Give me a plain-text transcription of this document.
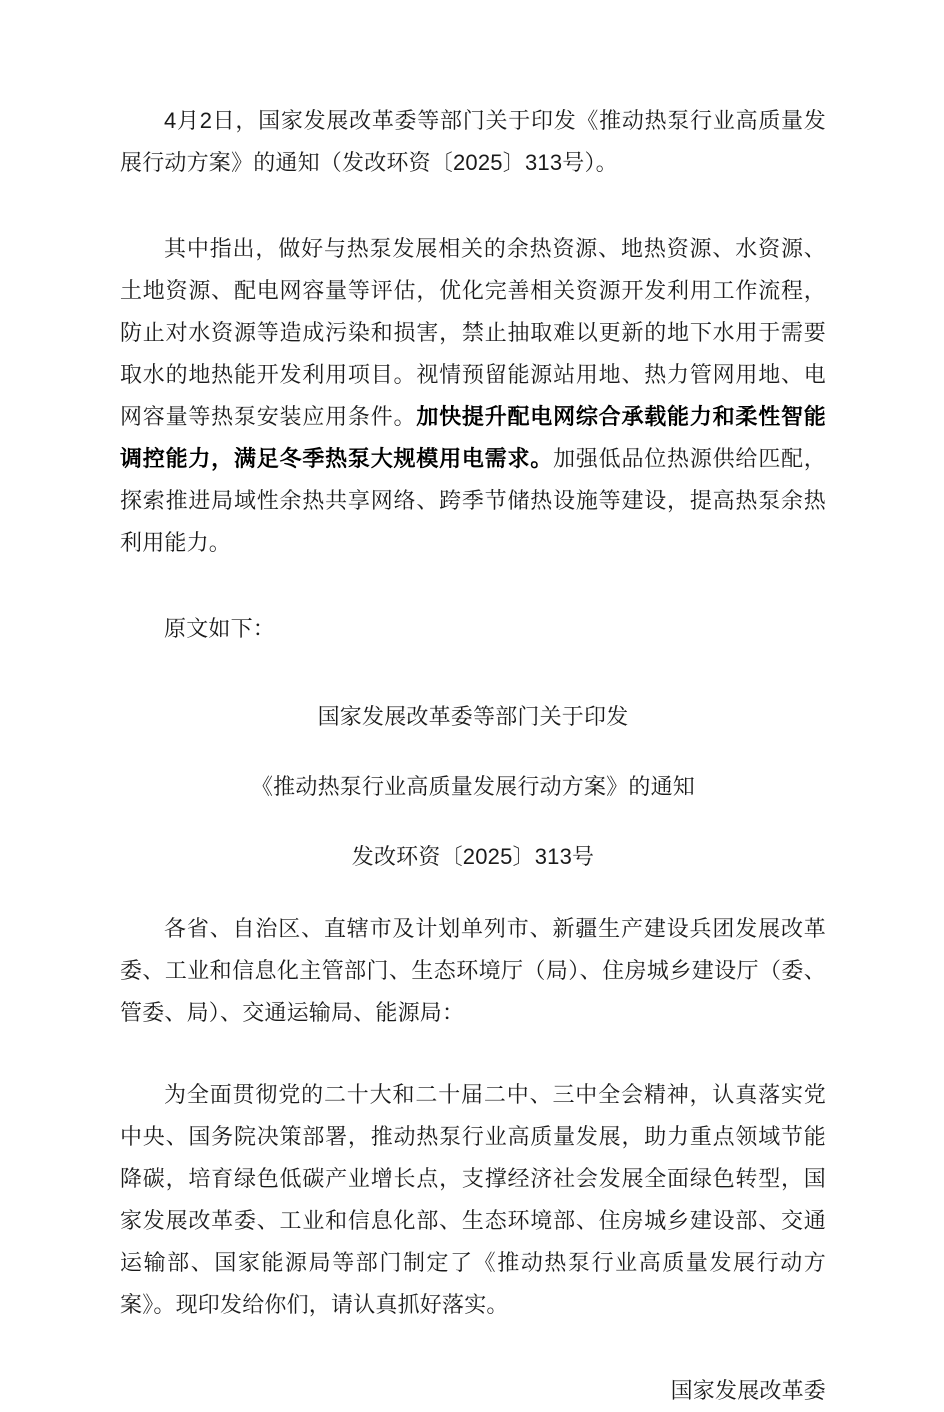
4月2日，国家发展改革委等部门关于印发《推动热泵行业高质量发展行动方案》的通知（发改环资〔2025〕313号）。

其中指出，做好与热泵发展相关的余热资源、地热资源、水资源、土地资源、配电网容量等评估，优化完善相关资源开发利用工作流程，防止对水资源等造成污染和损害，禁止抽取难以更新的地下水用于需要取水的地热能开发利用项目。视情预留能源站用地、热力管网用地、电网容量等热泵安装应用条件。加快提升配电网综合承载能力和柔性智能调控能力，满足冬季热泵大规模用电需求。加强低品位热源供给匹配，探索推进局域性余热共享网络、跨季节储热设施等建设，提高热泵余热利用能力。

原文如下：

国家发展改革委等部门关于印发

《推动热泵行业高质量发展行动方案》的通知

发改环资〔2025〕313号

各省、自治区、直辖市及计划单列市、新疆生产建设兵团发展改革委、工业和信息化主管部门、生态环境厅（局）、住房城乡建设厅（委、管委、局）、交通运输局、能源局：

为全面贯彻党的二十大和二十届二中、三中全会精神，认真落实党中央、国务院决策部署，推动热泵行业高质量发展，助力重点领域节能降碳，培育绿色低碳产业增长点，支撑经济社会发展全面绿色转型，国家发展改革委、工业和信息化部、生态环境部、住房城乡建设部、交通运输部、国家能源局等部门制定了《推动热泵行业高质量发展行动方案》。现印发给你们，请认真抓好落实。

国家发展改革委
